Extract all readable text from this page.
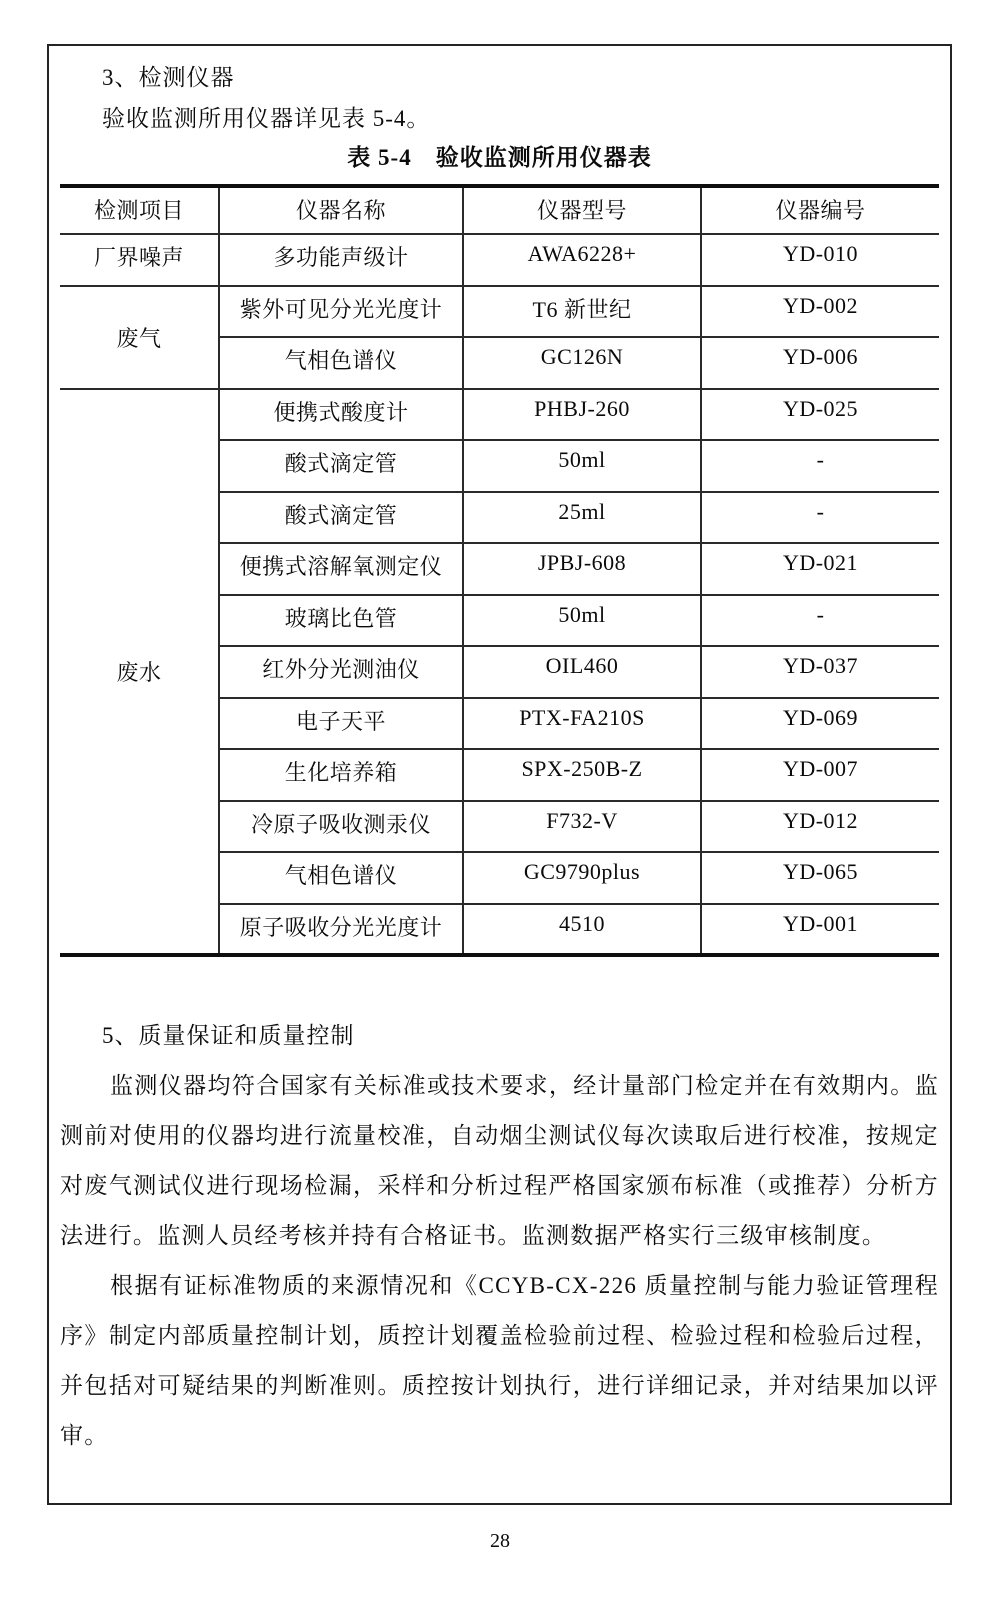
3、检测仪器
验收监测所用仪器详见表 5-4。
表 5-4　验收监测所用仪器表
检测项目	仪器名称	仪器型号	仪器编号
厂界噪声	多功能声级计	AWA6228+	YD-010
废气	紫外可见分光光度计	T6 新世纪	YD-002
	气相色谱仪	GC126N	YD-006
废水	便携式酸度计	PHBJ-260	YD-025
	酸式滴定管	50ml	-
	酸式滴定管	25ml	-
	便携式溶解氧测定仪	JPBJ-608	YD-021
	玻璃比色管	50ml	-
	红外分光测油仪	OIL460	YD-037
	电子天平	PTX-FA210S	YD-069
	生化培养箱	SPX-250B-Z	YD-007
	冷原子吸收测汞仪	F732-V	YD-012
	气相色谱仪	GC9790plus	YD-065
	原子吸收分光光度计	4510	YD-001
5、质量保证和质量控制
监测仪器均符合国家有关标准或技术要求，经计量部门检定并在有效期内。监测前对使用的仪器均进行流量校准，自动烟尘测试仪每次读取后进行校准，按规定对废气测试仪进行现场检漏，采样和分析过程严格国家颁布标准（或推荐）分析方法进行。监测人员经考核并持有合格证书。监测数据严格实行三级审核制度。
根据有证标准物质的来源情况和《CCYB-CX-226 质量控制与能力验证管理程序》制定内部质量控制计划，质控计划覆盖检验前过程、检验过程和检验后过程，并包括对可疑结果的判断准则。质控按计划执行，进行详细记录，并对结果加以评审。
28
